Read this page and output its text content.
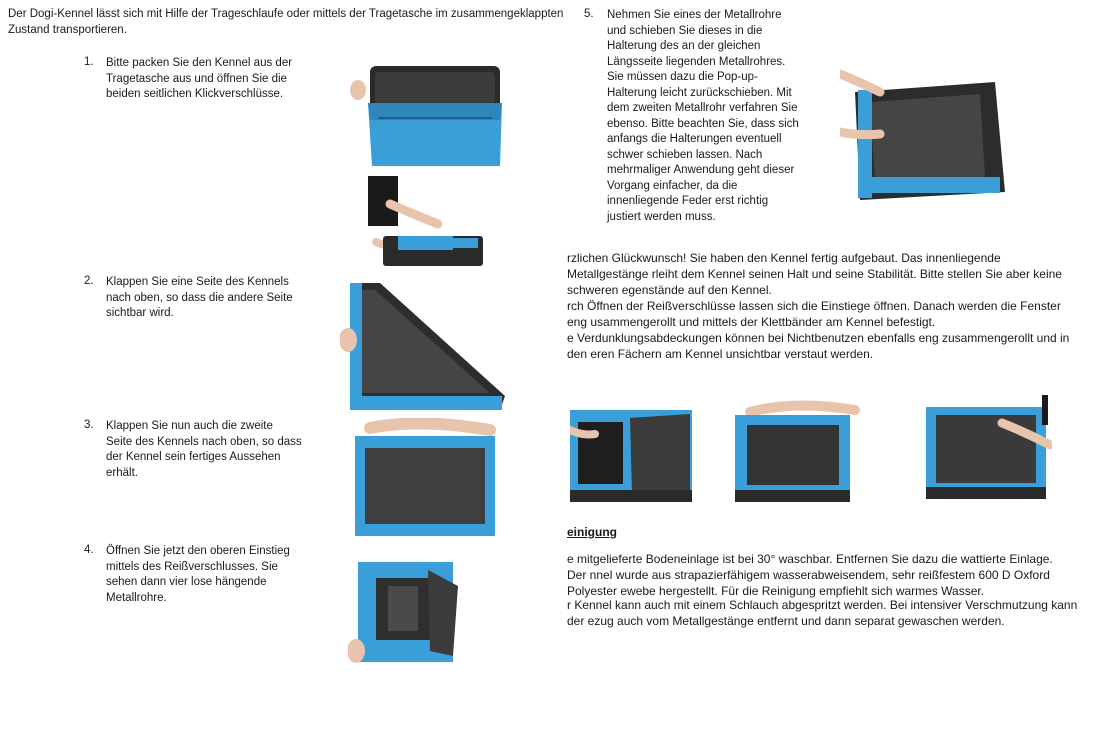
Der Dogi-Kennel lässt sich mit Hilfe der Trageschlaufe oder mittels der Tragetasche im zusammengeklappten Zustand transportieren.
1. Bitte packen Sie den Kennel aus der Tragetasche aus und öffnen Sie die beiden seitlichen Klickverschlüsse.
2. Klappen Sie eine Seite des Kennels nach oben, so dass die andere Seite sichtbar wird.
3. Klappen Sie nun auch die zweite Seite des Kennels nach oben, so dass der Kennel sein fertiges Aussehen erhält.
4. Öffnen Sie jetzt den oberen Einstieg mittels des Reißverschlusses. Sie sehen dann vier lose hängende Metallrohre.
5. Nehmen Sie eines der Metallrohre und schieben Sie dieses in die Halterung des an der gleichen Längsseite liegenden Metallrohres. Sie müssen dazu die Pop-up-Halterung leicht zurückschieben. Mit dem zweiten Metallrohr verfahren Sie ebenso. Bitte beachten Sie, dass sich anfangs die Halterungen eventuell schwer schieben lassen. Nach mehrmaliger Anwendung geht dieser Vorgang einfacher, da die innenliegende Feder erst richtig justiert werden muss.
rzlichen Glückwunsch! Sie haben den Kennel fertig aufgebaut. Das innenliegende Metallgestänge rleiht dem Kennel seinen Halt und seine Stabilität. Bitte stellen Sie aber keine schweren egenstände auf den Kennel.
rch Öffnen der Reißverschlüsse lassen sich die Einstiege öffnen. Danach werden die Fenster eng usammengerollt und mittels der Klettbänder am Kennel befestigt.
e Verdunklungsabdeckungen können bei Nichtbenutzen ebenfalls eng zusammengerollt und in den eren Fächern am Kennel unsichtbar verstaut werden.
einigung
e mitgelieferte Bodeneinlage ist bei 30° waschbar. Entfernen Sie dazu die wattierte Einlage. Der nnel wurde aus strapazierfähigem wasserabweisendem, sehr reißfestem 600 D Oxford Polyester ewebe hergestellt. Für die Reinigung empfiehlt sich warmes Wasser.
r Kennel kann auch mit einem Schlauch abgespritzt werden. Bei intensiver Verschmutzung kann der ezug auch vom Metallgestänge entfernt und dann separat gewaschen werden.
